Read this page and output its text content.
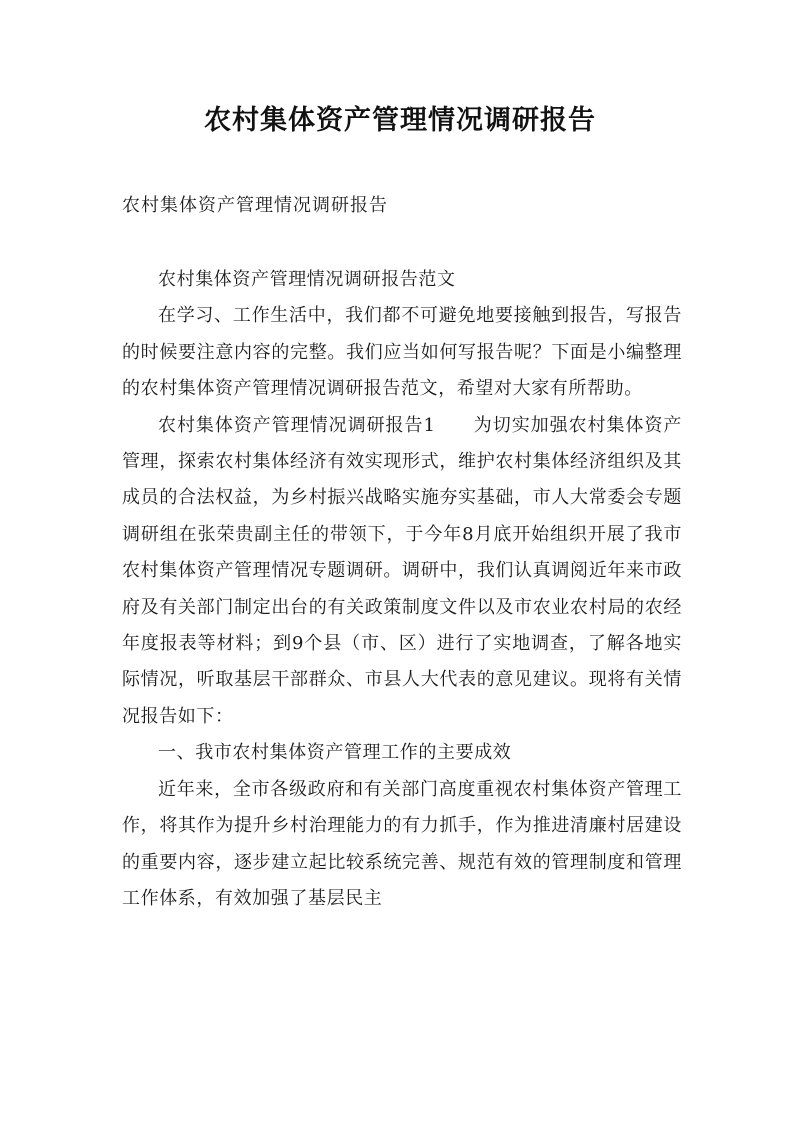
农村集体资产管理情况调研报告

农村集体资产管理情况调研报告

农村集体资产管理情况调研报告范文

在学习、工作生活中，我们都不可避免地要接触到报告，写报告的时候要注意内容的完整。我们应当如何写报告呢？下面是小编整理的农村集体资产管理情况调研报告范文，希望对大家有所帮助。

农村集体资产管理情况调研报告1　　为切实加强农村集体资产管理，探索农村集体经济有效实现形式，维护农村集体经济组织及其成员的合法权益，为乡村振兴战略实施夯实基础，市人大常委会专题调研组在张荣贵副主任的带领下，于今年8月底开始组织开展了我市农村集体资产管理情况专题调研。调研中，我们认真调阅近年来市政府及有关部门制定出台的有关政策制度文件以及市农业农村局的农经年度报表等材料；到9个县（市、区）进行了实地调查，了解各地实际情况，听取基层干部群众、市县人大代表的意见建议。现将有关情况报告如下：

一、我市农村集体资产管理工作的主要成效

近年来，全市各级政府和有关部门高度重视农村集体资产管理工作，将其作为提升乡村治理能力的有力抓手，作为推进清廉村居建设的重要内容，逐步建立起比较系统完善、规范有效的管理制度和管理工作体系，有效加强了基层民主
